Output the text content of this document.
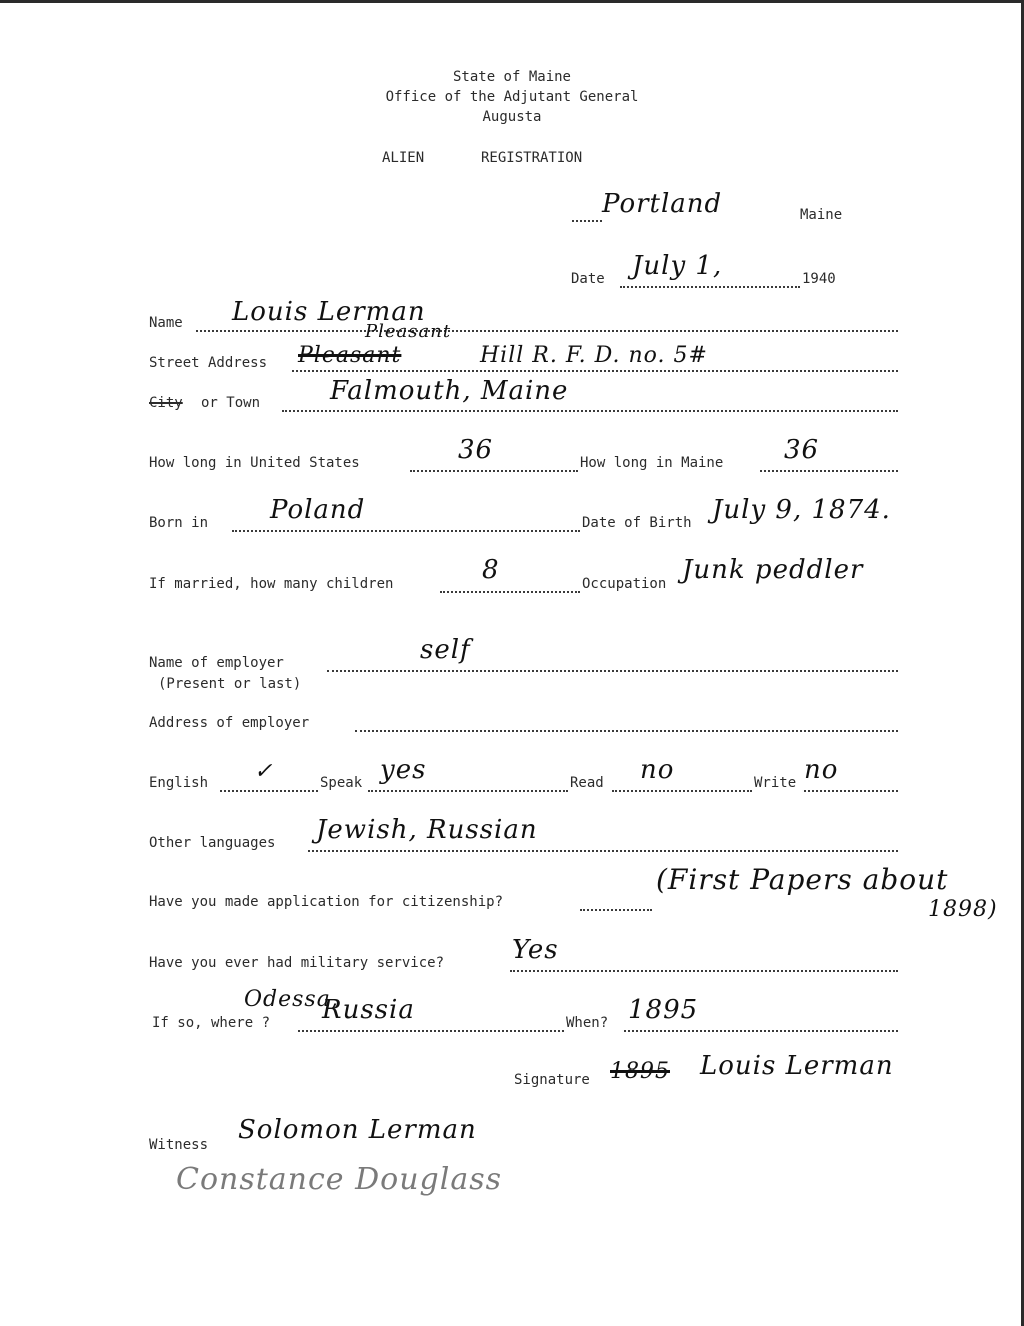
State of Maine
Office of the Adjutant General
Augusta
ALIEN	REGISTRATION
Portland	Maine
Date July 1,	1940
Name Louis Lerman
Street Address
Pleasant
Pleasant	Hill R. F. D. no. 5#
City or Town	Falmouth, Maine
How long in United States	36	How long in Maine 36
Born in Poland	Date of Birth July 9, 1874.
If married, how many children	8	Occupation Junk peddler
Name of employer
(Present or last)
self
Address of employer
English ✓	Speak yes	Read no	Write no
Other languages Jewish, Russian
Have you made application for citizenship?
(First Papers about
1898)
Have you ever had military service?	Yes
Odessa,
If so, where ? Russia	When? 1895
Signature 1895 Louis Lerman
Witness Solomon Lerman
Constance Douglass
